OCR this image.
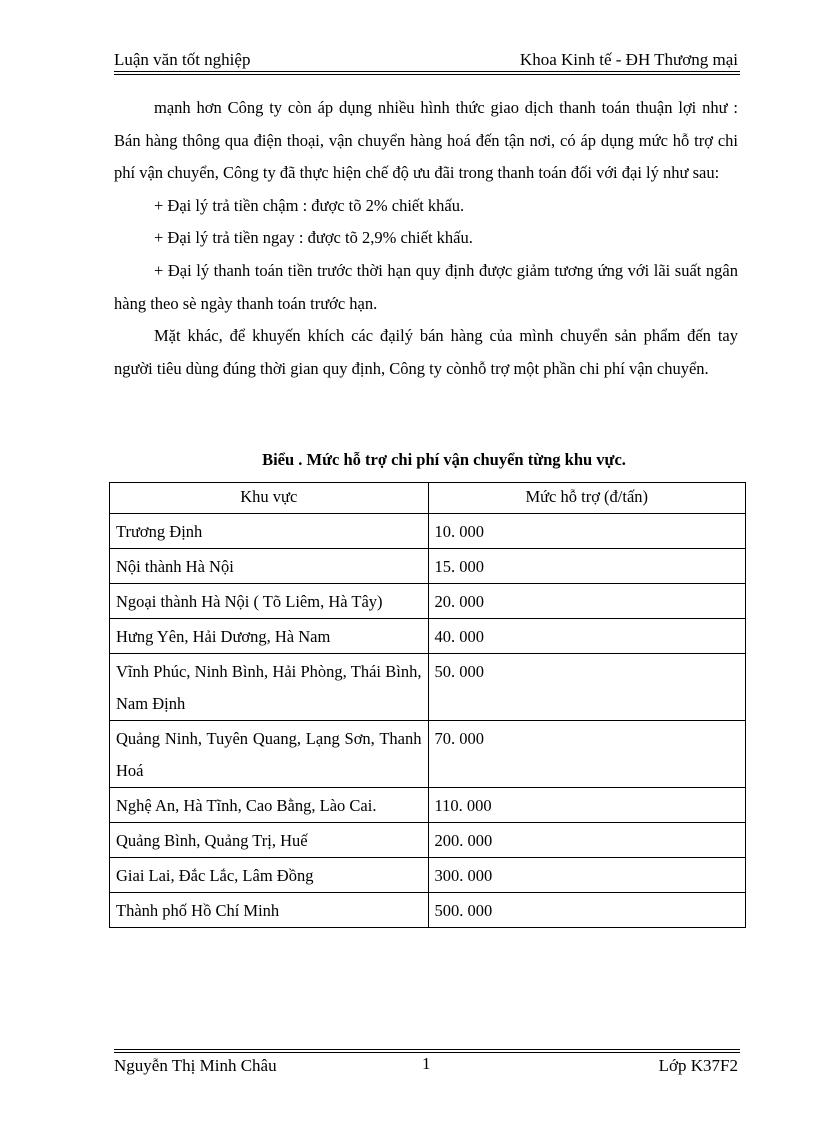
Luận văn tốt nghiệp	Khoa Kinh tế - ĐH Thương mại

mạnh hơn Công ty còn áp dụng nhiều hình thức giao dịch thanh toán thuận lợi như : Bán hàng thông qua điện thoại, vận chuyển hàng hoá đến tận nơi, có áp dụng mức hỗ trợ chi phí vận chuyển, Công ty đã thực hiện chế độ ưu đãi trong thanh toán đối với đại lý như sau:

+ Đại lý trả tiền chậm : được tõ 2% chiết khấu.

+ Đại lý trả tiền ngay : được tõ 2,9% chiết khấu.

+ Đại lý thanh toán tiền trước thời hạn quy định được giảm tương ứng với lãi suất ngân hàng theo sè ngày thanh toán trước hạn.

Mặt khác, để khuyến khích các đạilý bán hàng của mình chuyển sản phẩm đến tay người tiêu dùng đúng thời gian quy định, Công ty cònhỗ trợ một phần chi phí vận chuyển.

Biểu . Mức hỗ trợ chi phí vận chuyển từng khu vực.
Khu vực	Mức hỗ trợ (đ/tấn)
Trương Định	10. 000
Nội thành Hà Nội	15. 000
Ngoại thành Hà Nội ( Tõ Liêm, Hà Tây)	20. 000
Hưng Yên, Hải Dương, Hà Nam	40. 000
Vĩnh Phúc, Ninh Bình, Hải Phòng, Thái Bình, Nam Định	50. 000
Quảng Ninh, Tuyên Quang, Lạng Sơn, Thanh Hoá	70. 000
Nghệ An, Hà Tĩnh, Cao Bằng, Lào Cai.	110. 000
Quảng Bình, Quảng Trị, Huế	200. 000
Giai Lai, Đắc Lắc, Lâm Đồng	300. 000
Thành phố Hồ Chí Minh	500. 000
Nguyễn Thị Minh Châu	1	Lớp K37F2
